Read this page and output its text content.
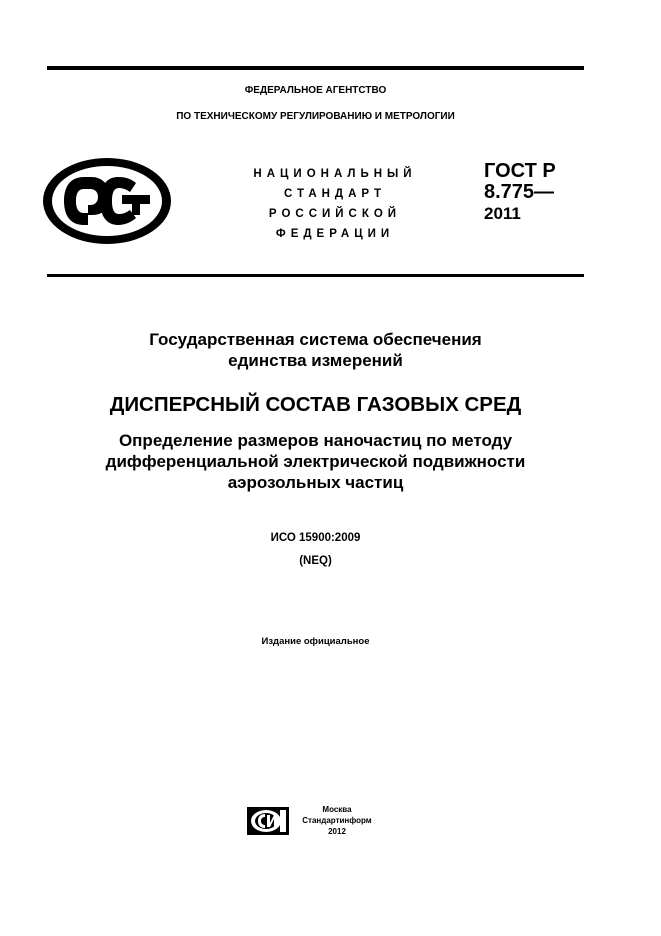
ФЕДЕРАЛЬНОЕ АГЕНТСТВО
ПО ТЕХНИЧЕСКОМУ РЕГУЛИРОВАНИЮ И МЕТРОЛОГИИ
НАЦИОНАЛЬНЫЙ
СТАНДАРТ
РОССИЙСКОЙ
ФЕДЕРАЦИИ
ГОСТ Р
8.775—
2011
Государственная система обеспечения
единства измерений
ДИСПЕРСНЫЙ СОСТАВ ГАЗОВЫХ СРЕД
Определение размеров наночастиц по методу
дифференциальной электрической подвижности
аэрозольных частиц
ИСО 15900:2009
(NEQ)
Издание официальное
Москва
Стандартинформ
2012
